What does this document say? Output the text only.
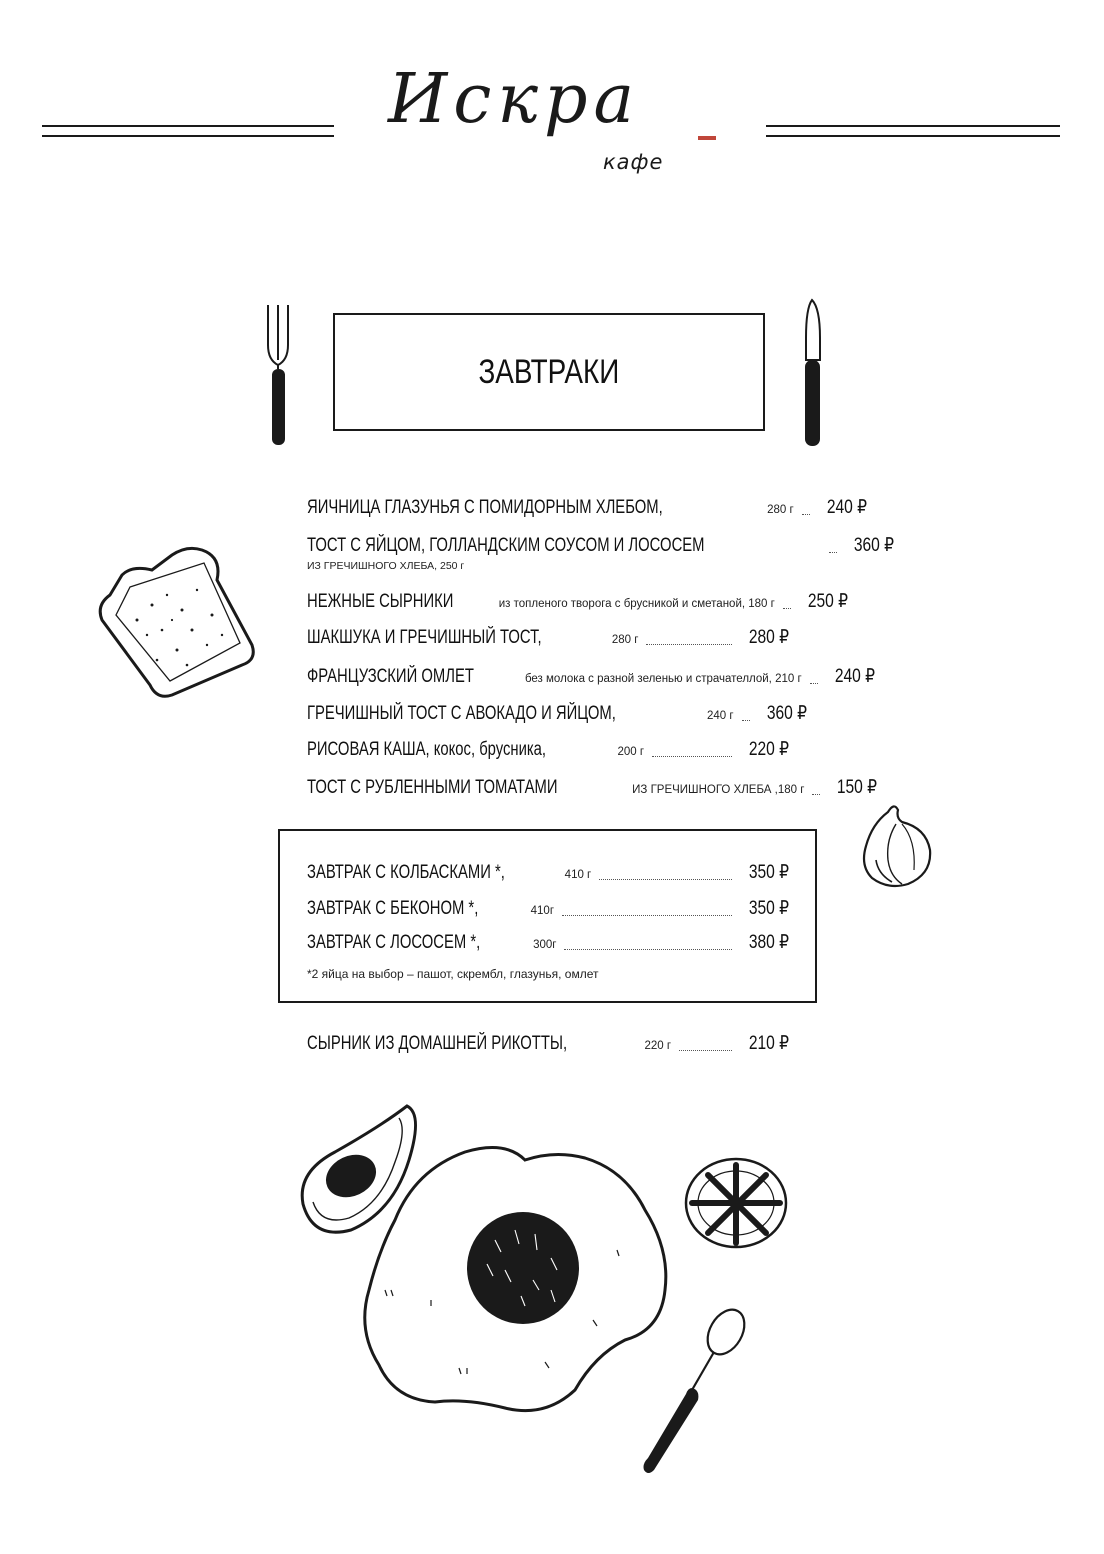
Искра
кафе
ЗАВТРАКИ
ЯИЧНИЦА ГЛАЗУНЬЯ С ПОМИДОРНЫМ ХЛЕБОМ,	280 г 240 ₽
ТОСТ С ЯЙЦОМ, ГОЛЛАНДСКИМ СОУСОМ И ЛОСОСЕМ	360 ₽
ИЗ ГРЕЧИШНОГО ХЛЕБА, 250 г
НЕЖНЫЕ СЫРНИКИ	из топленого творога с брусникой и сметаной, 180 г 250 ₽
ШАКШУКА И ГРЕЧИШНЫЙ ТОСТ,	280 г	280 ₽
ФРАНЦУЗСКИЙ ОМЛЕТ	без молока с разной зеленью и страчателлой, 210 г 240 ₽
ГРЕЧИШНЫЙ ТОСТ С АВОКАДО И ЯЙЦОМ,	240 г 360 ₽
РИСОВАЯ КАША, кокос, брусника,	200 г	220 ₽
ТОСТ С РУБЛЕННЫМИ ТОМАТАМИ	ИЗ ГРЕЧИШНОГО ХЛЕБА ,180 г 150 ₽
ЗАВТРАК С КОЛБАСКАМИ *,	410 г	350 ₽
ЗАВТРАК С БЕКОНОМ *,	410г	350 ₽
ЗАВТРАК С ЛОСОСЕМ *,	300г	380 ₽
*2 яйца на выбор – пашот, скрембл, глазунья, омлет
СЫРНИК ИЗ ДОМАШНЕЙ РИКОТТЫ,	220 г	210 ₽
